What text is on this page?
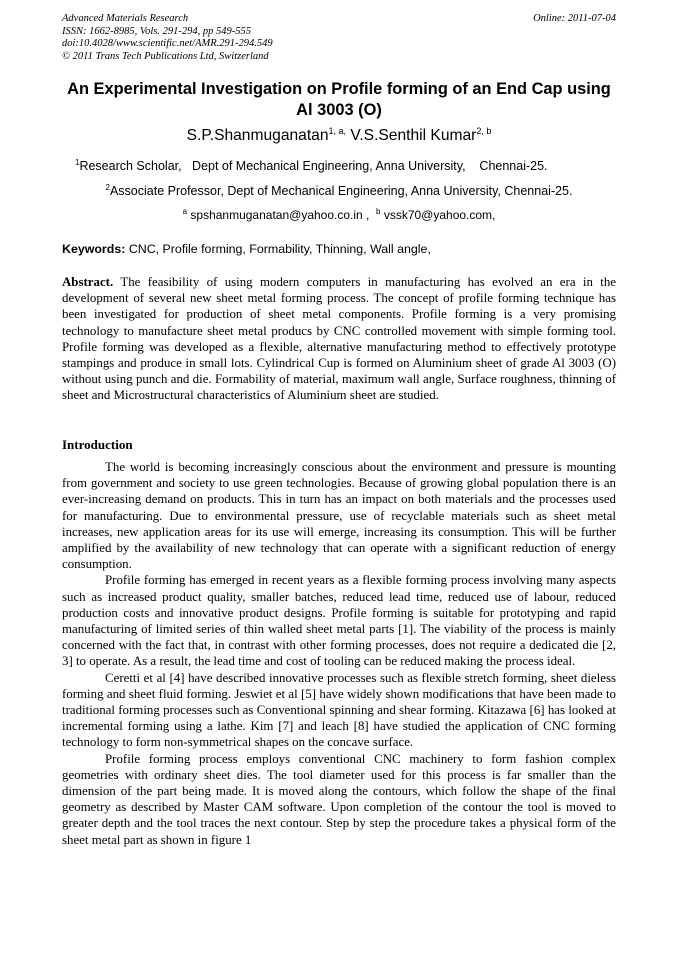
Advanced Materials Research	Online: 2011-07-04
ISSN: 1662-8985, Vols. 291-294, pp 549-555
doi:10.4028/www.scientific.net/AMR.291-294.549
© 2011 Trans Tech Publications Ltd, Switzerland
An Experimental Investigation on Profile forming of an End Cap using
Al 3003 (O)
S.P.Shanmuganatan$^{1, a,}$ V.S.Senthil Kumar$^{2, b}$
$^1$Research Scholar,   Dept of Mechanical Engineering, Anna University,    Chennai-25.
$^2$Associate Professor, Dept of Mechanical Engineering, Anna University, Chennai-25.
$^a$ spshanmuganatan@yahoo.co.in , $^b$ vssk70@yahoo.com,
Keywords: CNC, Profile forming, Formability, Thinning, Wall angle,
Abstract. The feasibility of using modern computers in manufacturing has evolved an era in the development of several new sheet metal forming process. The concept of profile forming technique has been investigated for production of sheet metal components. Profile forming is a very promising technology to manufacture sheet metal producs by CNC controlled movement with simple forming tool. Profile forming was developed as a flexible, alternative manufacturing method to effectively prototype stampings and produce in small lots. Cylindrical Cup is formed on Aluminium sheet of grade Al 3003 (O) without using punch and die. Formability of material, maximum wall angle, Surface roughness, thinning of sheet and Microstructural characteristics of Aluminium sheet are studied.
Introduction

The world is becoming increasingly conscious about the environment and pressure is mounting from government and society to use green technologies. Because of growing global population there is an ever-increasing demand on products. This in turn has an impact on both materials and the processes used for manufacturing. Due to environmental pressure, use of recyclable materials such as sheet metal increases, new application areas for its use will emerge, increasing its consumption. This will be further amplified by the availability of new technology that can operate with a significant reduction of energy consumption.

Profile forming has emerged in recent years as a flexible forming process involving many aspects such as increased product quality, smaller batches, reduced lead time, reduced use of labour, reduced production costs and innovative product designs. Profile forming is suitable for prototyping and rapid manufacturing of limited series of thin walled sheet metal parts [1]. The viability of the process is mainly concerned with the fact that, in contrast with other forming processes, does not require a dedicated die [2, 3] to operate. As a result, the lead time and cost of tooling can be reduced making the process ideal.

Ceretti et al [4] have described innovative processes such as flexible stretch forming, sheet dieless forming and sheet fluid forming. Jeswiet et al [5] have widely shown modifications that have been made to traditional forming processes such as Conventional spinning and shear forming. Kitazawa [6] has looked at incremental forming using a lathe. Kim [7] and leach [8] have studied the application of CNC forming technology to form non-symmetrical shapes on the concave surface.

Profile forming process employs conventional CNC machinery to form fashion complex geometries with ordinary sheet dies. The tool diameter used for this process is far smaller than the dimension of the part being made. It is moved along the contours, which follow the shape of the final geometry as described by Master CAM software. Upon completion of the contour the tool is moved to greater depth and the tool traces the next contour. Step by step the procedure takes a physical form of the sheet metal part as shown in figure 1
